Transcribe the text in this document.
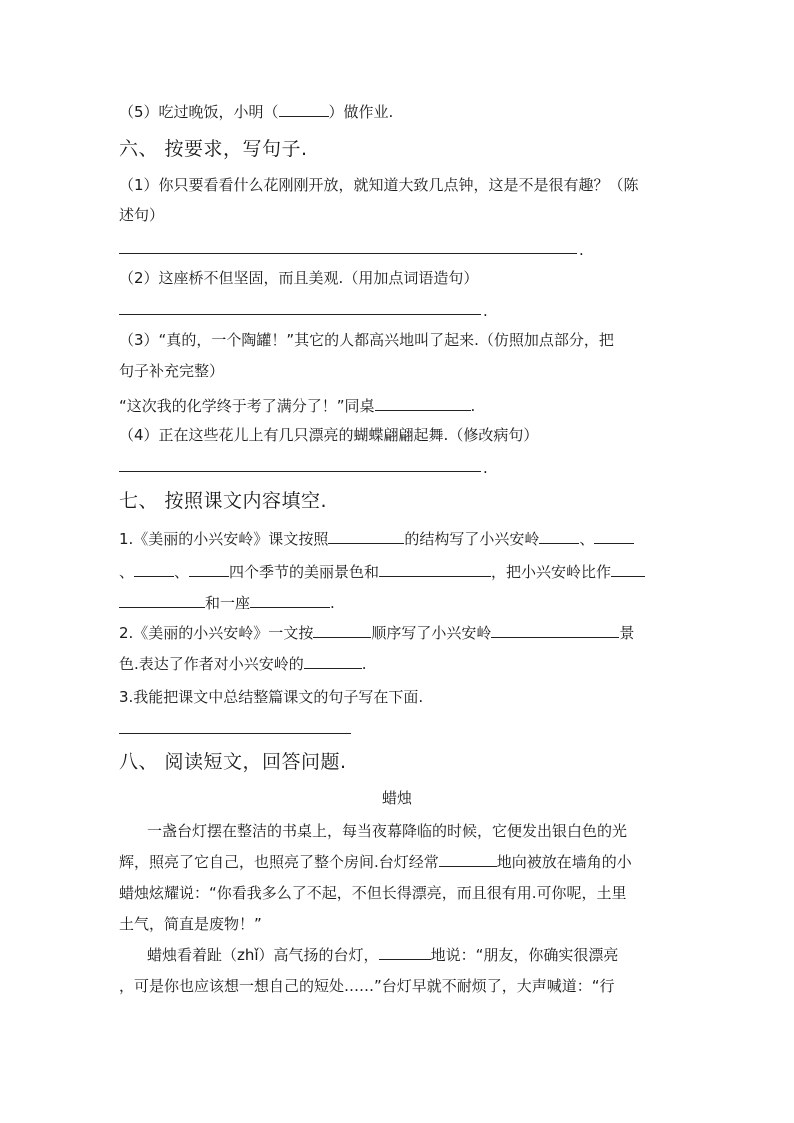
（5）吃过晚饭，小明（	）做作业.
六、 按要求，写句子.
（1）你只要看看什么花刚刚开放，就知道大致几点钟，这是不是很有趣？（陈
述句）
.
（2）这座桥不但坚固，而且美观.（用加点词语造句）
.
（3）“真的，一个陶罐！”其它的人都高兴地叫了起来.（仿照加点部分，把
句子补充完整）
“这次我的化学终于考了满分了！”同桌	.
（4）正在这些花儿上有几只漂亮的蝴蝶翩翩起舞.（修改病句）
.
七、 按照课文内容填空.
1.《美丽的小兴安岭》课文按照	的结构写了小兴安岭	、
、	、	四个季节的美丽景色和	，把小兴安岭比作
和一座	.
2.《美丽的小兴安岭》一文按	顺序写了小兴安岭	景
色.表达了作者对小兴安岭的	.
3.我能把课文中总结整篇课文的句子写在下面.
八、 阅读短文，回答问题.
蜡烛
一盏台灯摆在整洁的书桌上，每当夜幕降临的时候，它便发出银白色的光
辉，照亮了它自己，也照亮了整个房间.台灯经常	地向被放在墙角的小
蜡烛炫耀说：“你看我多么了不起，不但长得漂亮，而且很有用.可你呢，土里
土气，简直是废物！”
蜡烛看着趾（zhǐ）高气扬的台灯，	地说：“朋友，你确实很漂亮
，可是你也应该想一想自己的短处……”台灯早就不耐烦了，大声喊道：“行
